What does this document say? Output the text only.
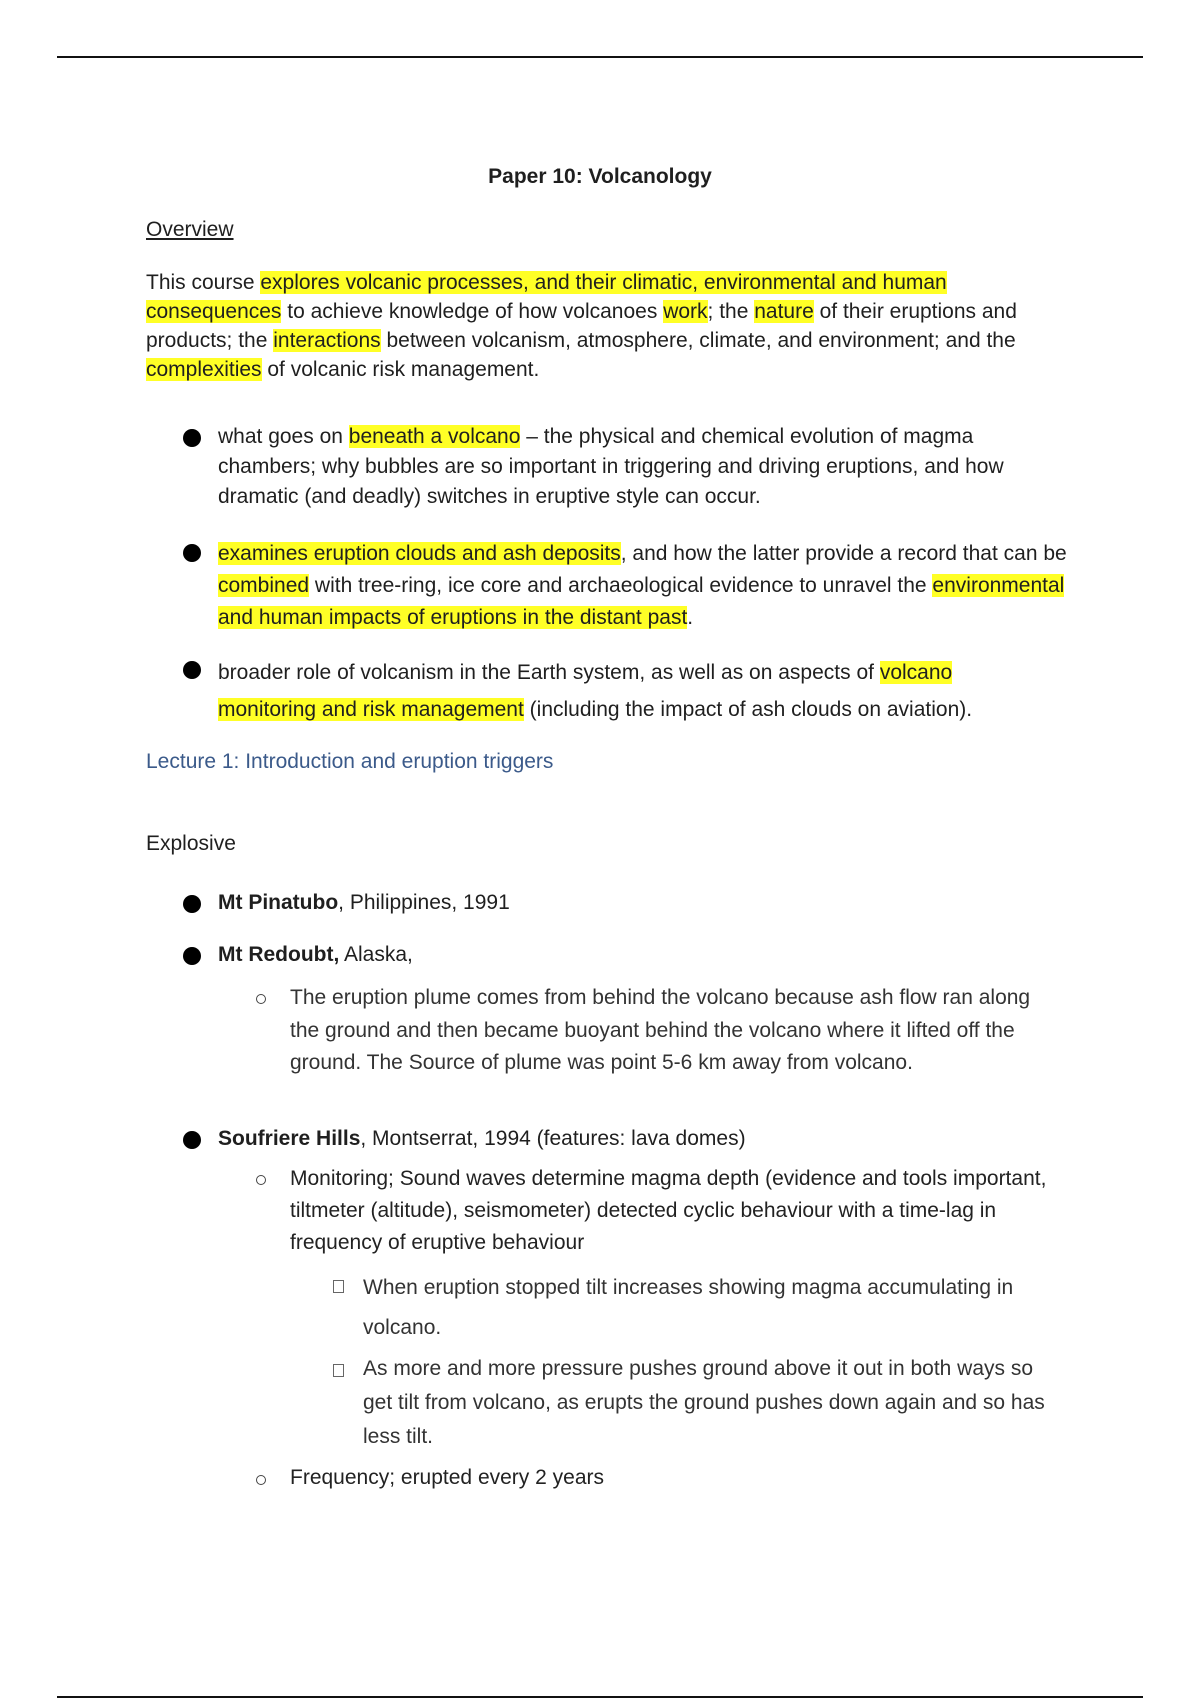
Paper 10: Volcanology
Overview
This course explores volcanic processes, and their climatic, environmental and human consequences to achieve knowledge of how volcanoes work; the nature of their eruptions and products; the interactions between volcanism, atmosphere, climate, and environment; and the complexities of volcanic risk management.
what goes on beneath a volcano – the physical and chemical evolution of magma chambers; why bubbles are so important in triggering and driving eruptions, and how dramatic (and deadly) switches in eruptive style can occur.
examines eruption clouds and ash deposits, and how the latter provide a record that can be combined with tree-ring, ice core and archaeological evidence to unravel the environmental and human impacts of eruptions in the distant past.
broader role of volcanism in the Earth system, as well as on aspects of volcano monitoring and risk management (including the impact of ash clouds on aviation).
Lecture 1: Introduction and eruption triggers
Explosive
Mt Pinatubo, Philippines, 1991
Mt Redoubt, Alaska,
The eruption plume comes from behind the volcano because ash flow ran along the ground and then became buoyant behind the volcano where it lifted off the ground. The Source of plume was point 5-6 km away from volcano.
Soufriere Hills, Montserrat, 1994 (features: lava domes)
Monitoring; Sound waves determine magma depth (evidence and tools important, tiltmeter (altitude), seismometer) detected cyclic behaviour with a time-lag in frequency of eruptive behaviour
When eruption stopped tilt increases showing magma accumulating in volcano.
As more and more pressure pushes ground above it out in both ways so get tilt from volcano, as erupts the ground pushes down again and so has less tilt.
Frequency; erupted every 2 years
